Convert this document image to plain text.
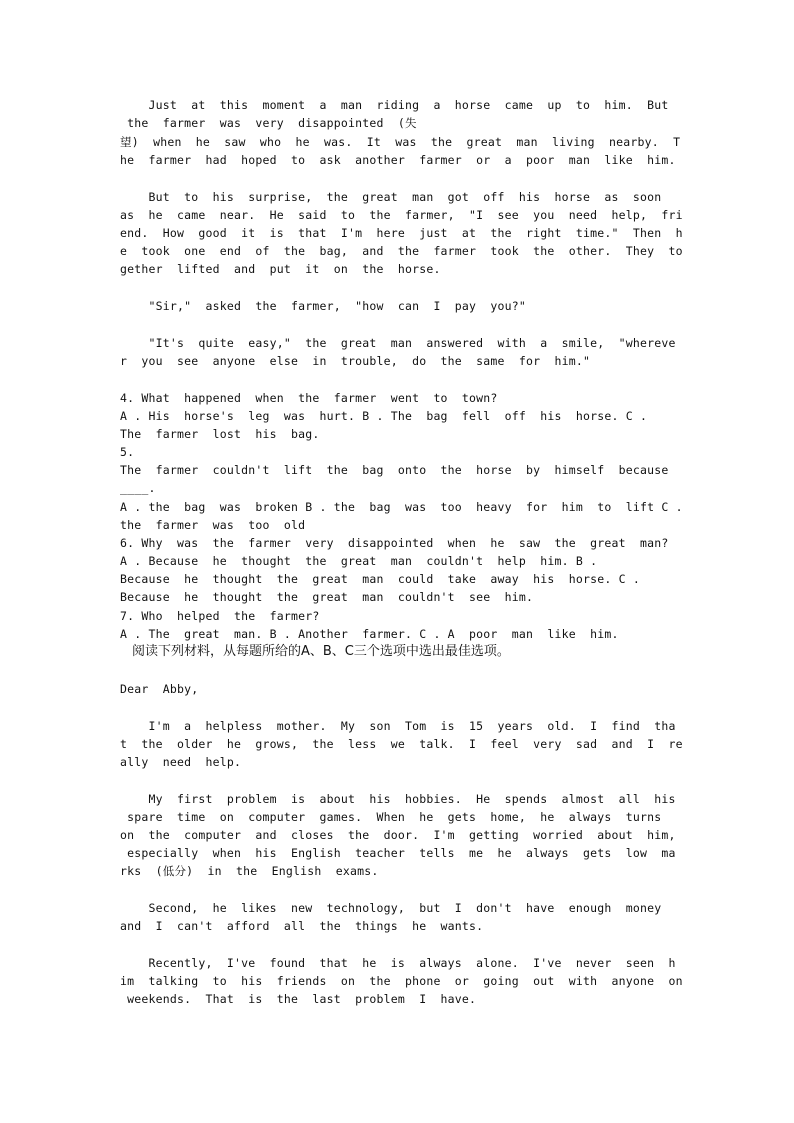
Just  at  this  moment  a  man  riding  a  horse  came  up  to  him.  But
the  farmer  was  very  disappointed  (失
望)  when  he  saw  who  he  was.  It  was  the  great  man  living  nearby.  T
he  farmer  had  hoped  to  ask  another  farmer  or  a  poor  man  like  him.
But  to  his  surprise,  the  great  man  got  off  his  horse  as  soon
as  he  came  near.  He  said  to  the  farmer,  "I  see  you  need  help,  fri
end.  How  good  it  is  that  I'm  here  just  at  the  right  time."  Then  h
e  took  one  end  of  the  bag,  and  the  farmer  took  the  other.  They  to
gether  lifted  and  put  it  on  the  horse.
"Sir,"  asked  the  farmer,  "how  can  I  pay  you?"
"It's  quite  easy,"  the  great  man  answered  with  a  smile,  "whereve
r  you  see  anyone  else  in  trouble,  do  the  same  for  him."
4. What  happened  when  the  farmer  went  to  town?
A . His  horse's  leg  was  hurt. B . The  bag  fell  off  his  horse. C .
The  farmer  lost  his  bag.
5.
The  farmer  couldn't  lift  the  bag  onto  the  horse  by  himself  because
____.
A . the  bag  was  broken B . the  bag  was  too  heavy  for  him  to  lift C .
the  farmer  was  too  old
6. Why  was  the  farmer  very  disappointed  when  he  saw  the  great  man?
A . Because  he  thought  the  great  man  couldn't  help  him. B .
Because  he  thought  the  great  man  could  take  away  his  horse. C .
Because  he  thought  the  great  man  couldn't  see  him.
7. Who  helped  the  farmer?
A . The  great  man. B . Another  farmer. C . A  poor  man  like  him.
阅读下列材料，从每题所给的A、B、C三个选项中选出最佳选项。
Dear  Abby,
I'm  a  helpless  mother.  My  son  Tom  is  15  years  old.  I  find  tha
t  the  older  he  grows,  the  less  we  talk.  I  feel  very  sad  and  I  re
ally  need  help.
My  first  problem  is  about  his  hobbies.  He  spends  almost  all  his
spare  time  on  computer  games.  When  he  gets  home,  he  always  turns
on  the  computer  and  closes  the  door.  I'm  getting  worried  about  him,
especially  when  his  English  teacher  tells  me  he  always  gets  low  ma
rks  (低分)  in  the  English  exams.
Second,  he  likes  new  technology,  but  I  don't  have  enough  money
and  I  can't  afford  all  the  things  he  wants.
Recently,  I've  found  that  he  is  always  alone.  I've  never  seen  h
im  talking  to  his  friends  on  the  phone  or  going  out  with  anyone  on
weekends.  That  is  the  last  problem  I  have.
